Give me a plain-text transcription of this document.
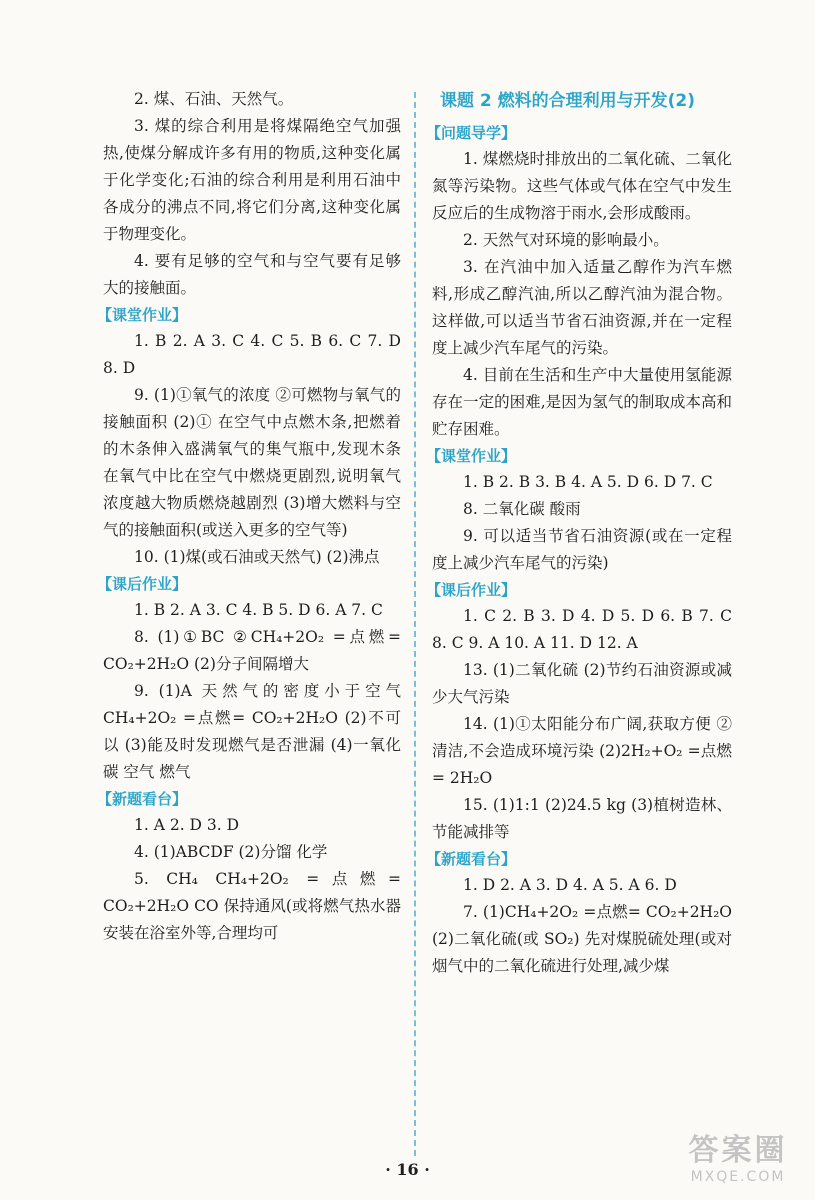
2. 煤、石油、天然气。

3. 煤的综合利用是将煤隔绝空气加强热,使煤分解成许多有用的物质,这种变化属于化学变化;石油的综合利用是利用石油中各成分的沸点不同,将它们分离,这种变化属于物理变化。

4. 要有足够的空气和与空气要有足够大的接触面。

【课堂作业】

1. B 2. A 3. C 4. C 5. B 6. C 7. D 8. D

9. (1)①氧气的浓度 ②可燃物与氧气的接触面积 (2)① 在空气中点燃木条,把燃着的木条伸入盛满氧气的集气瓶中,发现木条在氧气中比在空气中燃烧更剧烈,说明氧气浓度越大物质燃烧越剧烈 (3)增大燃料与空气的接触面积(或送入更多的空气等)

10. (1)煤(或石油或天然气) (2)沸点

【课后作业】

1. B 2. A 3. C 4. B 5. D 6. A 7. C

8. (1)①BC ②CH₄+2O₂ =点燃= CO₂+2H₂O (2)分子间隔增大

9. (1)A 天然气的密度小于空气 CH₄+2O₂ =点燃= CO₂+2H₂O (2)不可以 (3)能及时发现燃气是否泄漏 (4)一氧化碳 空气 燃气

【新题看台】

1. A 2. D 3. D

4. (1)ABCDF (2)分馏 化学

5. CH₄ CH₄+2O₂ =点燃= CO₂+2H₂O CO 保持通风(或将燃气热水器安装在浴室外等,合理均可

课题 2 燃料的合理利用与开发(2)
【问题导学】

1. 煤燃烧时排放出的二氧化硫、二氧化氮等污染物。这些气体或气体在空气中发生反应后的生成物溶于雨水,会形成酸雨。

2. 天然气对环境的影响最小。

3. 在汽油中加入适量乙醇作为汽车燃料,形成乙醇汽油,所以乙醇汽油为混合物。这样做,可以适当节省石油资源,并在一定程度上减少汽车尾气的污染。

4. 目前在生活和生产中大量使用氢能源存在一定的困难,是因为氢气的制取成本高和贮存困难。

【课堂作业】

1. B 2. B 3. B 4. A 5. D 6. D 7. C

8. 二氧化碳 酸雨

9. 可以适当节省石油资源(或在一定程度上减少汽车尾气的污染)

【课后作业】

1. C 2. B 3. D 4. D 5. D 6. B 7. C 8. C 9. A 10. A 11. D 12. A

13. (1)二氧化硫 (2)节约石油资源或减少大气污染

14. (1)①太阳能分布广阔,获取方便 ②清洁,不会造成环境污染 (2)2H₂+O₂ =点燃= 2H₂O

15. (1)1:1 (2)24.5 kg (3)植树造林、节能减排等

【新题看台】

1. D 2. A 3. D 4. A 5. A 6. D

7. (1)CH₄+2O₂ =点燃= CO₂+2H₂O (2)二氧化硫(或 SO₂) 先对煤脱硫处理(或对烟气中的二氧化硫进行处理,减少煤

· 16 ·
答案圈
MXQE.COM
